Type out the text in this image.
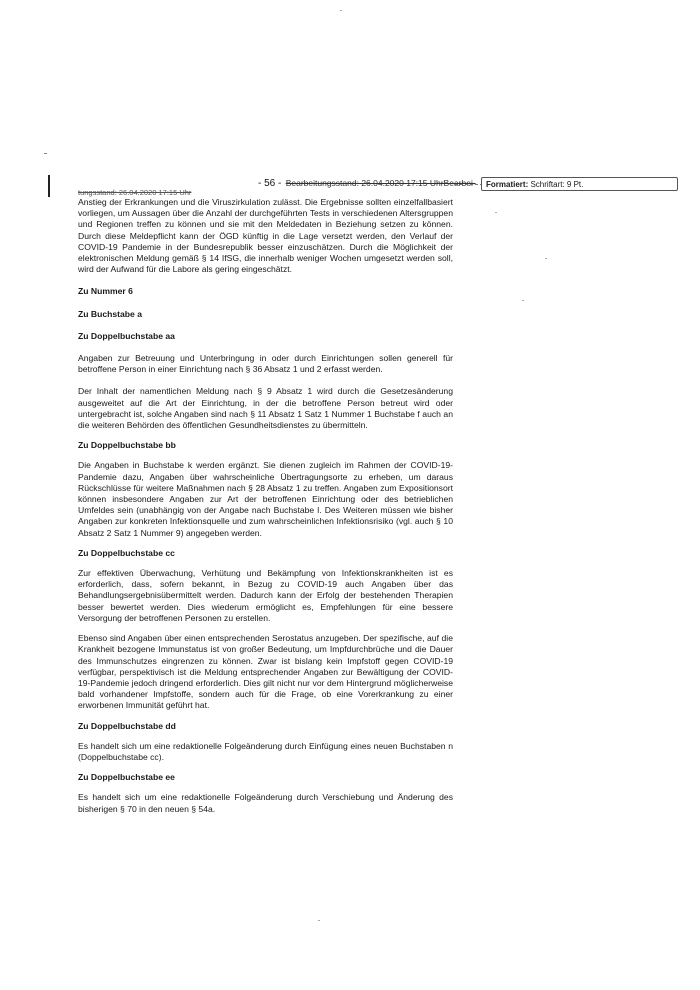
- 56 - Bearbeitungsstand: 26.04.2020 17:15 UhrBearbei-
tungsstand: 26.04.2020 17:15 Uhr
Formatiert: Schriftart: 9 Pt.

Anstieg der Erkrankungen und die Viruszirkulation zulässt. Die Ergebnisse sollten einzelfallbasiert vorliegen, um Aussagen über die Anzahl der durchgeführten Tests in verschiedenen Altersgruppen und Regionen treffen zu können und sie mit den Meldedaten in Beziehung setzen zu können. Durch diese Meldepflicht kann der ÖGD künftig in die Lage versetzt werden, den Verlauf der COVID-19 Pandemie in der Bundesrepublik besser einzuschätzen. Durch die Möglichkeit der elektronischen Meldung gemäß § 14 IfSG, die innerhalb weniger Wochen umgesetzt werden soll, wird der Aufwand für die Labore als gering eingeschätzt.

Zu Nummer 6
Zu Buchstabe a
Zu Doppelbuchstabe aa

Angaben zur Betreuung und Unterbringung in oder durch Einrichtungen sollen generell für betroffene Person in einer Einrichtung nach § 36 Absatz 1 und 2 erfasst werden.

Der Inhalt der namentlichen Meldung nach § 9 Absatz 1 wird durch die Gesetzesänderung ausgeweitet auf die Art der Einrichtung, in der die betroffene Person betreut wird oder untergebracht ist, solche Angaben sind nach § 11 Absatz 1 Satz 1 Nummer 1 Buchstabe f auch an die weiteren Behörden des öffentlichen Gesundheitsdienstes zu übermitteln.

Zu Doppelbuchstabe bb

Die Angaben in Buchstabe k werden ergänzt. Sie dienen zugleich im Rahmen der COVID-19-Pandemie dazu, Angaben über wahrscheinliche Übertragungsorte zu erheben, um daraus Rückschlüsse für weitere Maßnahmen nach § 28 Absatz 1 zu treffen. Angaben zum Expositionsort können insbesondere Angaben zur Art der betroffenen Einrichtung oder des betrieblichen Umfeldes sein (unabhängig von der Angabe nach Buchstabe l. Des Weiteren müssen wie bisher Angaben zur konkreten Infektionsquelle und zum wahrscheinlichen Infektionsrisiko (vgl. auch § 10 Absatz 2 Satz 1 Nummer 9) angegeben werden.

Zu Doppelbuchstabe cc

Zur effektiven Überwachung, Verhütung und Bekämpfung von Infektionskrankheiten ist es erforderlich, dass, sofern bekannt, in Bezug zu COVID-19 auch Angaben über das Behandlungsergebnisübermittelt werden. Dadurch kann der Erfolg der bestehenden Therapien besser bewertet werden. Dies wiederum ermöglicht es, Empfehlungen für eine bessere Versorgung der betroffenen Personen zu erstellen.

Ebenso sind Angaben über einen entsprechenden Serostatus anzugeben. Der spezifische, auf die Krankheit bezogene Immunstatus ist von großer Bedeutung, um Impfdurchbrüche und die Dauer des Immunschutzes eingrenzen zu können. Zwar ist bislang kein Impfstoff gegen COVID-19 verfügbar, perspektivisch ist die Meldung entsprechender Angaben zur Bewältigung der COVID-19-Pandemie jedoch dringend erforderlich. Dies gilt nicht nur vor dem Hintergrund möglicherweise bald vorhandener Impfstoffe, sondern auch für die Frage, ob eine Vorerkrankung zu einer erworbenen Immunität geführt hat.

Zu Doppelbuchstabe dd

Es handelt sich um eine redaktionelle Folgeänderung durch Einfügung eines neuen Buchstaben n (Doppelbuchstabe cc).

Zu Doppelbuchstabe ee

Es handelt sich um eine redaktionelle Folgeänderung durch Verschiebung und Änderung des bisherigen § 70 in den neuen § 54a.
